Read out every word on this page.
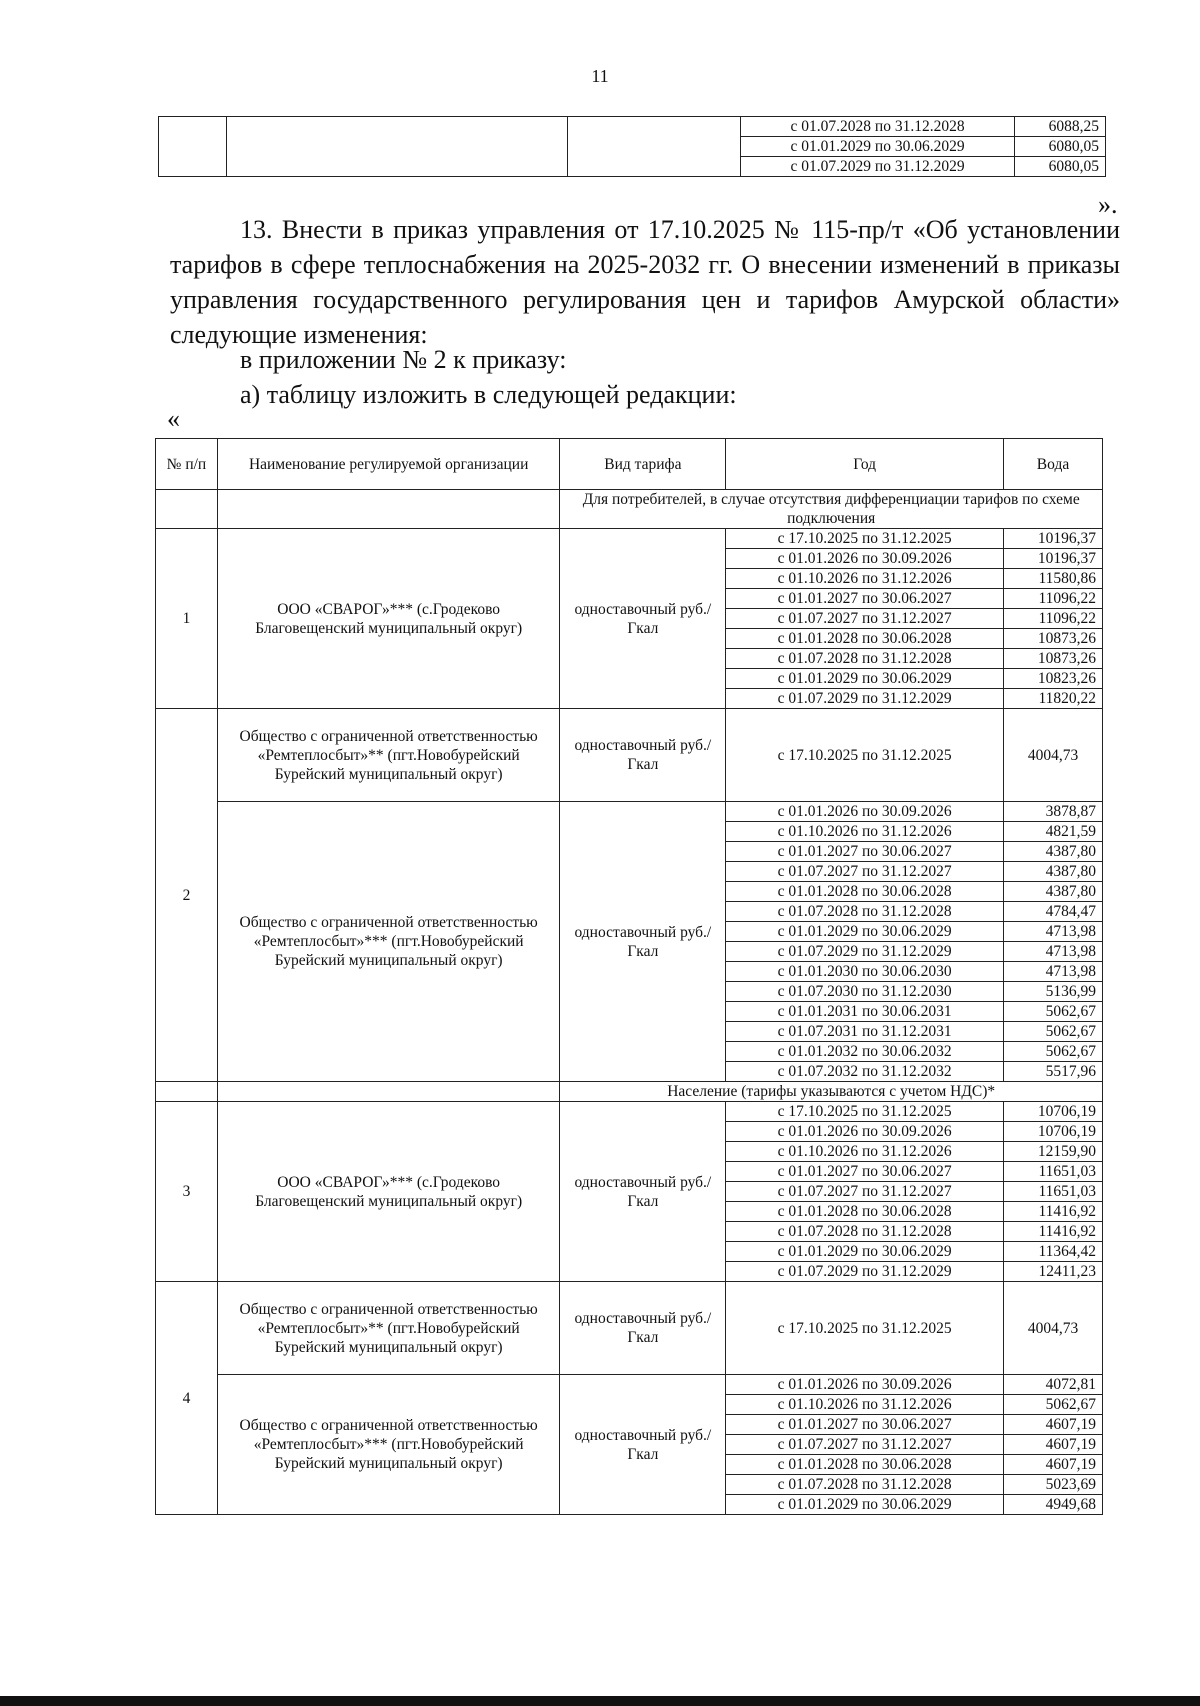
11
			с 01.07.2028 по 31.12.2028	6088,25
			с 01.01.2029 по 30.06.2029	6080,05
			с 01.07.2029 по 31.12.2029	6080,05
».

13. Внести в приказ управления от 17.10.2025 № 115-пр/т «Об установлении тарифов в сфере теплоснабжения на 2025-2032 гг. О внесении изменений в приказы управления государственного регулирования цен и тарифов Амурской области» следующие изменения:

в приложении № 2 к приказу:
а) таблицу изложить в следующей редакции:
«
№ п/п	Наименование регулируемой организации	Вид тарифа	Год	Вода
		Для потребителей, в случае отсутствия дифференциации тарифов по схеме подключения		
1	ООО «СВАРОГ»*** (с.Гродеково Благовещенский муниципальный округ)	одноставочный руб./Гкал	с 17.10.2025 по 31.12.2025	10196,37
			с 01.01.2026 по 30.09.2026	10196,37
			с 01.10.2026 по 31.12.2026	11580,86
			с 01.01.2027 по 30.06.2027	11096,22
			с 01.07.2027 по 31.12.2027	11096,22
			с 01.01.2028 по 30.06.2028	10873,26
			с 01.07.2028 по 31.12.2028	10873,26
			с 01.01.2029 по 30.06.2029	10823,26
			с 01.07.2029 по 31.12.2029	11820,22
2	Общество с ограниченной ответственностью «Ремтеплосбыт»** (пгт.Новобурейский Бурейский муниципальный округ)	одноставочный руб./Гкал	с 17.10.2025 по 31.12.2025	4004,73
	Общество с ограниченной ответственностью «Ремтеплосбыт»*** (пгт.Новобурейский Бурейский муниципальный округ)	одноставочный руб./Гкал	с 01.01.2026 по 30.09.2026	3878,87
			с 01.10.2026 по 31.12.2026	4821,59
			с 01.01.2027 по 30.06.2027	4387,80
			с 01.07.2027 по 31.12.2027	4387,80
			с 01.01.2028 по 30.06.2028	4387,80
			с 01.07.2028 по 31.12.2028	4784,47
			с 01.01.2029 по 30.06.2029	4713,98
			с 01.07.2029 по 31.12.2029	4713,98
			с 01.01.2030 по 30.06.2030	4713,98
			с 01.07.2030 по 31.12.2030	5136,99
			с 01.01.2031 по 30.06.2031	5062,67
			с 01.07.2031 по 31.12.2031	5062,67
			с 01.01.2032 по 30.06.2032	5062,67
			с 01.07.2032 по 31.12.2032	5517,96
		Население (тарифы указываются с учетом НДС)*		
3	ООО «СВАРОГ»*** (с.Гродеково Благовещенский муниципальный округ)	одноставочный руб./Гкал	с 17.10.2025 по 31.12.2025	10706,19
			с 01.01.2026 по 30.09.2026	10706,19
			с 01.10.2026 по 31.12.2026	12159,90
			с 01.01.2027 по 30.06.2027	11651,03
			с 01.07.2027 по 31.12.2027	11651,03
			с 01.01.2028 по 30.06.2028	11416,92
			с 01.07.2028 по 31.12.2028	11416,92
			с 01.01.2029 по 30.06.2029	11364,42
			с 01.07.2029 по 31.12.2029	12411,23
4	Общество с ограниченной ответственностью «Ремтеплосбыт»** (пгт.Новобурейский Бурейский муниципальный округ)	одноставочный руб./Гкал	с 17.10.2025 по 31.12.2025	4004,73
	Общество с ограниченной ответственностью «Ремтеплосбыт»*** (пгт.Новобурейский Бурейский муниципальный округ)	одноставочный руб./Гкал	с 01.01.2026 по 30.09.2026	4072,81
			с 01.10.2026 по 31.12.2026	5062,67
			с 01.01.2027 по 30.06.2027	4607,19
			с 01.07.2027 по 31.12.2027	4607,19
			с 01.01.2028 по 30.06.2028	4607,19
			с 01.07.2028 по 31.12.2028	5023,69
			с 01.01.2029 по 30.06.2029	4949,68
